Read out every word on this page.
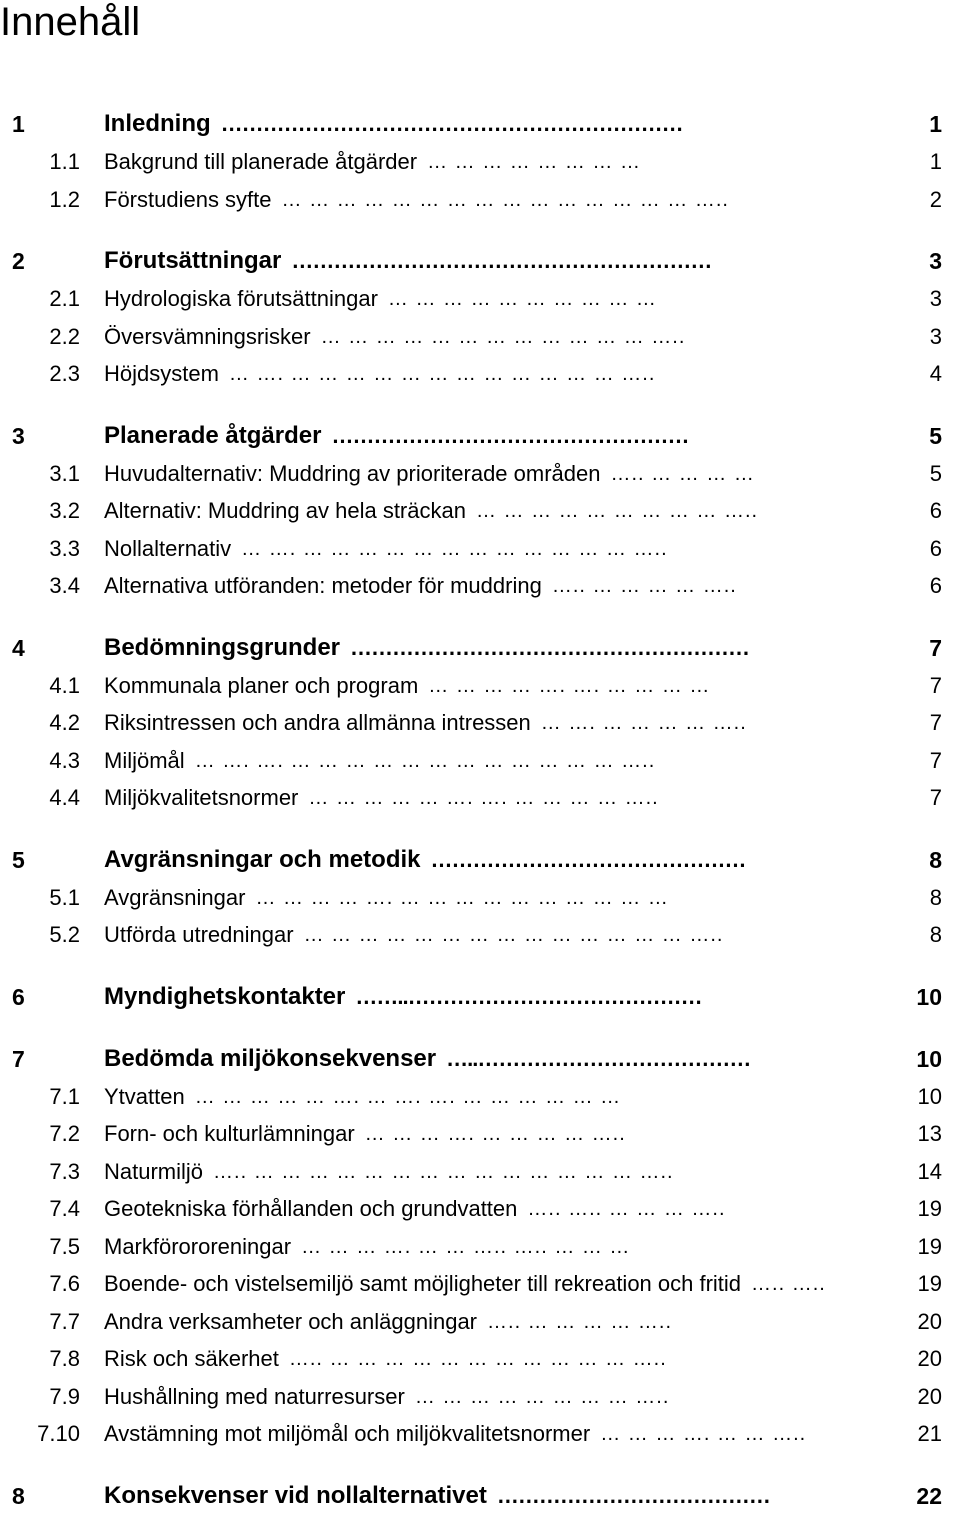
Innehåll
1	Inledning …………………………………………………………	1
1.1 Bakgrund till planerade åtgärder … … … … … … … …	1
1.2 Förstudiens syfte … … … … … … … … … … … … … … … …..	2
2	Förutsättningar ……………………………………………………	3
2.1 Hydrologiska förutsättningar … … … … … … … … … …	3
2.2 Översvämningsrisker … … … … … … … … … … … … …..	3
2.3 Höjdsystem … …. … … … … … … … … … … … … …..	4
3	Planerade åtgärder ……………………………………………	5
3.1 Huvudalternativ: Muddring av prioriterade områden ….. … … … …	5
3.2 Alternativ: Muddring av hela sträckan … … … … … … … … … …..	6
3.3 Nollalternativ … …. … … … … … … … … … … … … …..	6
3.4 Alternativa utföranden: metoder för muddring ….. … … … … …..	6
4	Bedömningsgrunder …………………………………………………	7
4.1 Kommunala planer och program … … … … …. …. … … … …	7
4.2 Riksintressen och andra allmänna intressen … …. … … … … …..	7
4.3 Miljömål … …. …. … … … … … … … … … … … … …..	7
4.4 Miljökvalitetsnormer … … … … … …. …. … … … … …..	7
5	Avgränsningar och metodik ………………………………………	8
5.1 Avgränsningar … … … … …. … … … … … … … … … …	8
5.2 Utförda utredningar … … … … … … … … … … … … … … …..	8
6	Myndighetskontakter ……..……………………………………	10
7	Bedömda miljökonsekvenser …..…………………………………	10
7.1 Ytvatten … … … … … …. … …. …. … … … … … …	10
7.2 Forn- och kulturlämningar … … … …. … … … … …..	13
7.3 Naturmiljö ….. … … … … … … … … … … … … … … …..	14
7.4 Geotekniska förhållanden och grundvatten ….. ….. … … … …..	19
7.5 Markförororeningar … … … …. … … ….. ….. … … …	19
7.6 Boende- och vistelsemiljö samt möjligheter till rekreation och fritid ….. …..	19
7.7 Andra verksamheter och anläggningar ….. … … … … …..	20
7.8 Risk och säkerhet ….. … … … … … … … … … … … …..	20
7.9 Hushållning med naturresurser … … … … … … … … …..	20
7.10 Avstämning mot miljömål och miljökvalitetsnormer … … … …. … … …..	21
8	Konsekvenser vid nollalternativet …………………………………	22
